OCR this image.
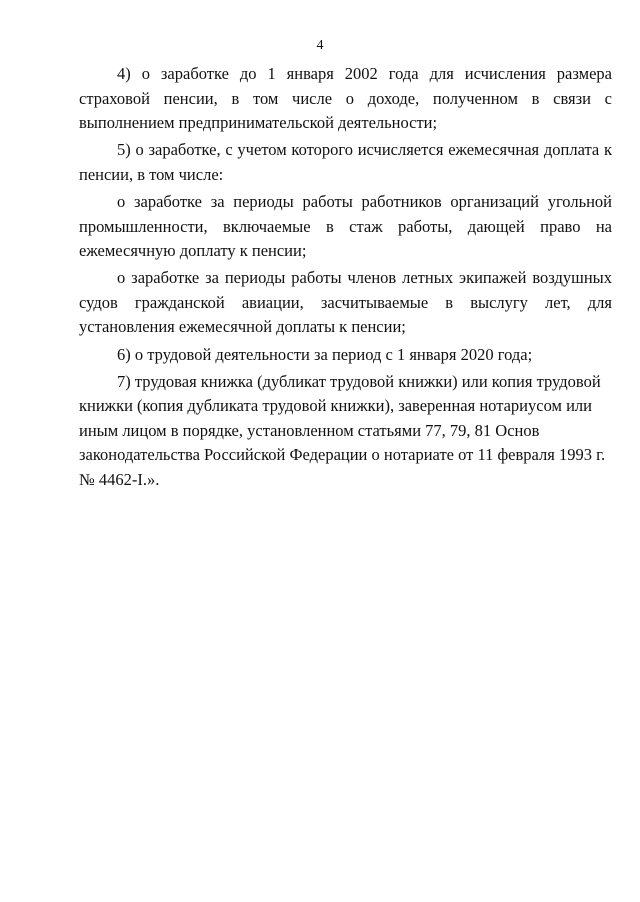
4

4) о заработке до 1 января 2002 года для исчисления размера страховой пенсии, в том числе о доходе, полученном в связи с выполнением предпринимательской деятельности;

5) о заработке, с учетом которого исчисляется ежемесячная доплата к пенсии, в том числе:

о заработке за периоды работы работников организаций угольной промышленности, включаемые в стаж работы, дающей право на ежемесячную доплату к пенсии;

о заработке за периоды работы членов летных экипажей воздушных судов гражданской авиации, засчитываемые в выслугу лет, для установления ежемесячной доплаты к пенсии;

6) о трудовой деятельности за период с 1 января 2020 года;

7) трудовая книжка (дубликат трудовой книжки) или копия трудовой книжки (копия дубликата трудовой книжки), заверенная нотариусом или иным лицом в порядке, установленном статьями 77, 79, 81 Основ законодательства Российской Федерации о нотариате от 11 февраля 1993 г. № 4462-I.».
